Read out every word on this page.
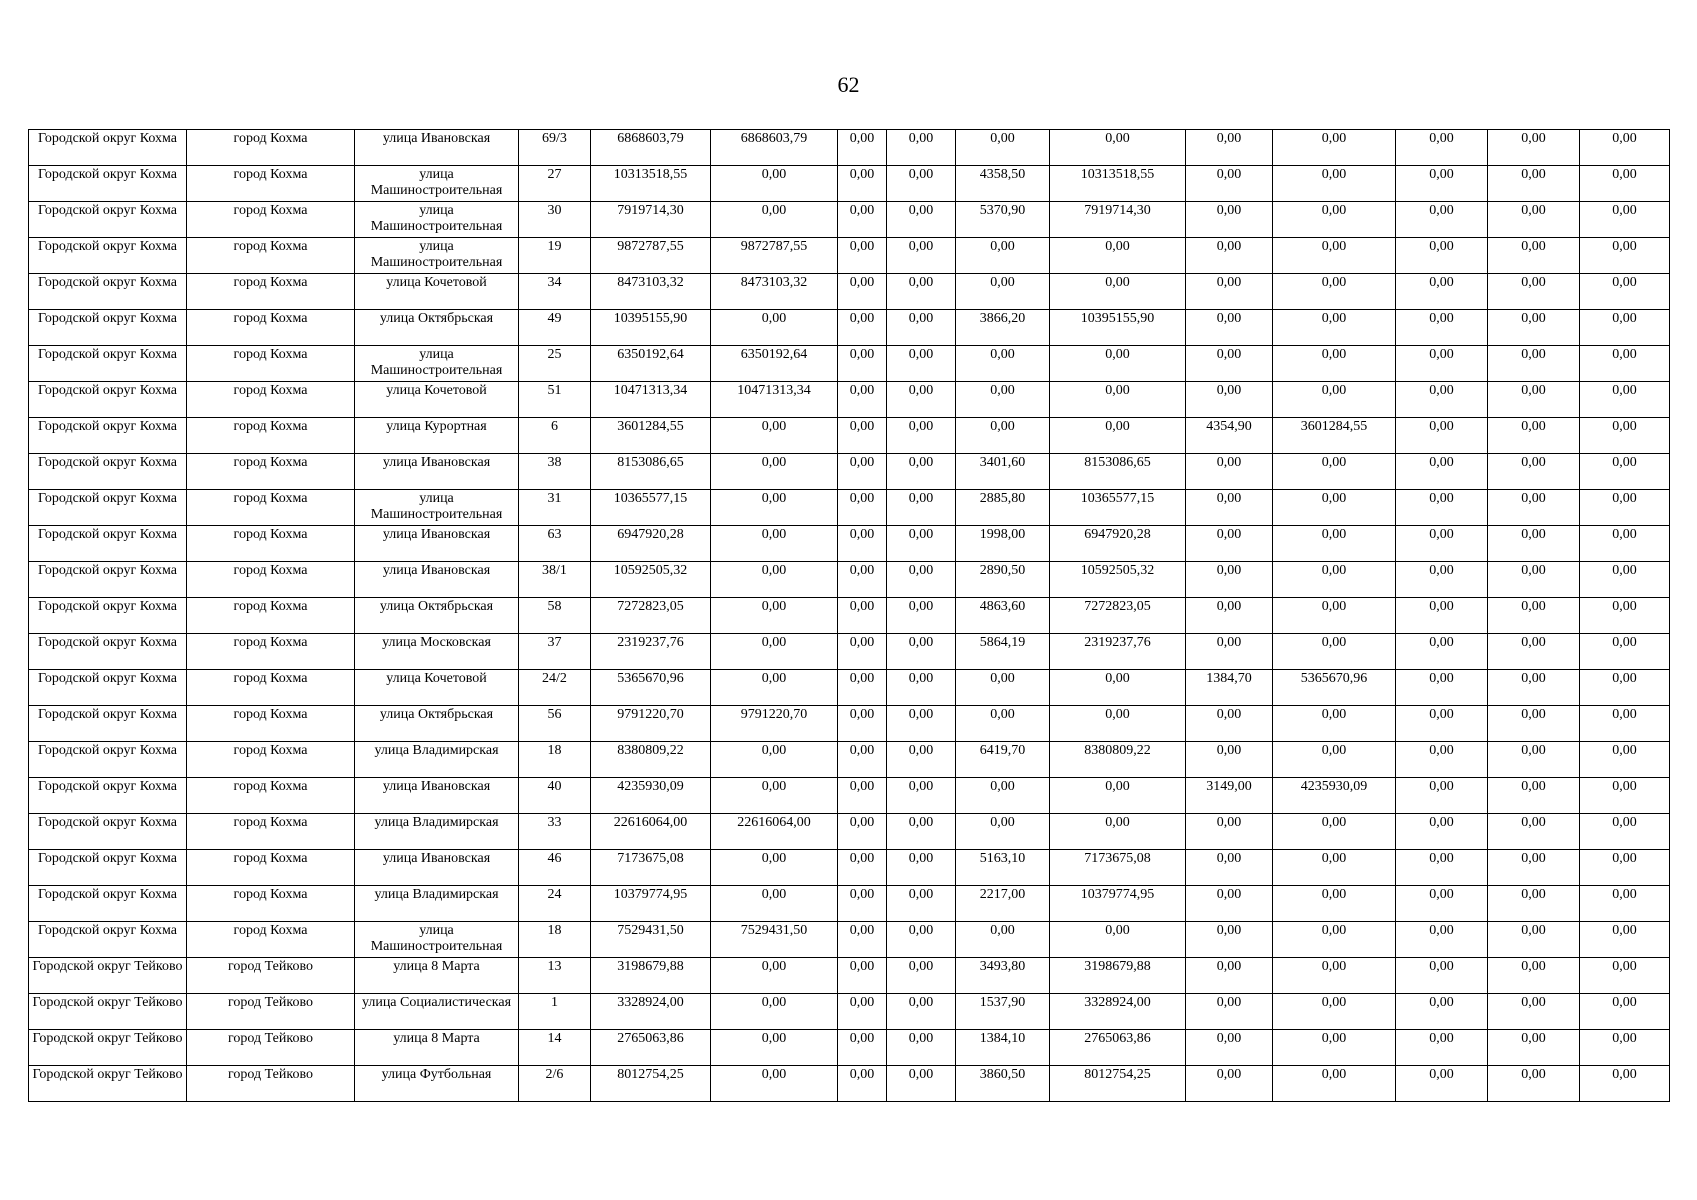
62
Городской округ Кохма	город Кохма	улица Ивановская	69/3	6868603,79	6868603,79	0,00	0,00	0,00	0,00	0,00	0,00	0,00	0,00	0,00
Городской округ Кохма	город Кохма	улица Машиностроительная	27	10313518,55	0,00	0,00	0,00	4358,50	10313518,55	0,00	0,00	0,00	0,00	0,00
Городской округ Кохма	город Кохма	улица Машиностроительная	30	7919714,30	0,00	0,00	0,00	5370,90	7919714,30	0,00	0,00	0,00	0,00	0,00
Городской округ Кохма	город Кохма	улица Машиностроительная	19	9872787,55	9872787,55	0,00	0,00	0,00	0,00	0,00	0,00	0,00	0,00	0,00
Городской округ Кохма	город Кохма	улица Кочетовой	34	8473103,32	8473103,32	0,00	0,00	0,00	0,00	0,00	0,00	0,00	0,00	0,00
Городской округ Кохма	город Кохма	улица Октябрьская	49	10395155,90	0,00	0,00	0,00	3866,20	10395155,90	0,00	0,00	0,00	0,00	0,00
Городской округ Кохма	город Кохма	улица Машиностроительная	25	6350192,64	6350192,64	0,00	0,00	0,00	0,00	0,00	0,00	0,00	0,00	0,00
Городской округ Кохма	город Кохма	улица Кочетовой	51	10471313,34	10471313,34	0,00	0,00	0,00	0,00	0,00	0,00	0,00	0,00	0,00
Городской округ Кохма	город Кохма	улица Курортная	6	3601284,55	0,00	0,00	0,00	0,00	0,00	4354,90	3601284,55	0,00	0,00	0,00
Городской округ Кохма	город Кохма	улица Ивановская	38	8153086,65	0,00	0,00	0,00	3401,60	8153086,65	0,00	0,00	0,00	0,00	0,00
Городской округ Кохма	город Кохма	улица Машиностроительная	31	10365577,15	0,00	0,00	0,00	2885,80	10365577,15	0,00	0,00	0,00	0,00	0,00
Городской округ Кохма	город Кохма	улица Ивановская	63	6947920,28	0,00	0,00	0,00	1998,00	6947920,28	0,00	0,00	0,00	0,00	0,00
Городской округ Кохма	город Кохма	улица Ивановская	38/1	10592505,32	0,00	0,00	0,00	2890,50	10592505,32	0,00	0,00	0,00	0,00	0,00
Городской округ Кохма	город Кохма	улица Октябрьская	58	7272823,05	0,00	0,00	0,00	4863,60	7272823,05	0,00	0,00	0,00	0,00	0,00
Городской округ Кохма	город Кохма	улица Московская	37	2319237,76	0,00	0,00	0,00	5864,19	2319237,76	0,00	0,00	0,00	0,00	0,00
Городской округ Кохма	город Кохма	улица Кочетовой	24/2	5365670,96	0,00	0,00	0,00	0,00	0,00	1384,70	5365670,96	0,00	0,00	0,00
Городской округ Кохма	город Кохма	улица Октябрьская	56	9791220,70	9791220,70	0,00	0,00	0,00	0,00	0,00	0,00	0,00	0,00	0,00
Городской округ Кохма	город Кохма	улица Владимирская	18	8380809,22	0,00	0,00	0,00	6419,70	8380809,22	0,00	0,00	0,00	0,00	0,00
Городской округ Кохма	город Кохма	улица Ивановская	40	4235930,09	0,00	0,00	0,00	0,00	0,00	3149,00	4235930,09	0,00	0,00	0,00
Городской округ Кохма	город Кохма	улица Владимирская	33	22616064,00	22616064,00	0,00	0,00	0,00	0,00	0,00	0,00	0,00	0,00	0,00
Городской округ Кохма	город Кохма	улица Ивановская	46	7173675,08	0,00	0,00	0,00	5163,10	7173675,08	0,00	0,00	0,00	0,00	0,00
Городской округ Кохма	город Кохма	улица Владимирская	24	10379774,95	0,00	0,00	0,00	2217,00	10379774,95	0,00	0,00	0,00	0,00	0,00
Городской округ Кохма	город Кохма	улица Машиностроительная	18	7529431,50	7529431,50	0,00	0,00	0,00	0,00	0,00	0,00	0,00	0,00	0,00
Городской округ Тейково	город Тейково	улица 8 Марта	13	3198679,88	0,00	0,00	0,00	3493,80	3198679,88	0,00	0,00	0,00	0,00	0,00
Городской округ Тейково	город Тейково	улица Социалистическая	1	3328924,00	0,00	0,00	0,00	1537,90	3328924,00	0,00	0,00	0,00	0,00	0,00
Городской округ Тейково	город Тейково	улица 8 Марта	14	2765063,86	0,00	0,00	0,00	1384,10	2765063,86	0,00	0,00	0,00	0,00	0,00
Городской округ Тейково	город Тейково	улица Футбольная	2/6	8012754,25	0,00	0,00	0,00	3860,50	8012754,25	0,00	0,00	0,00	0,00	0,00
